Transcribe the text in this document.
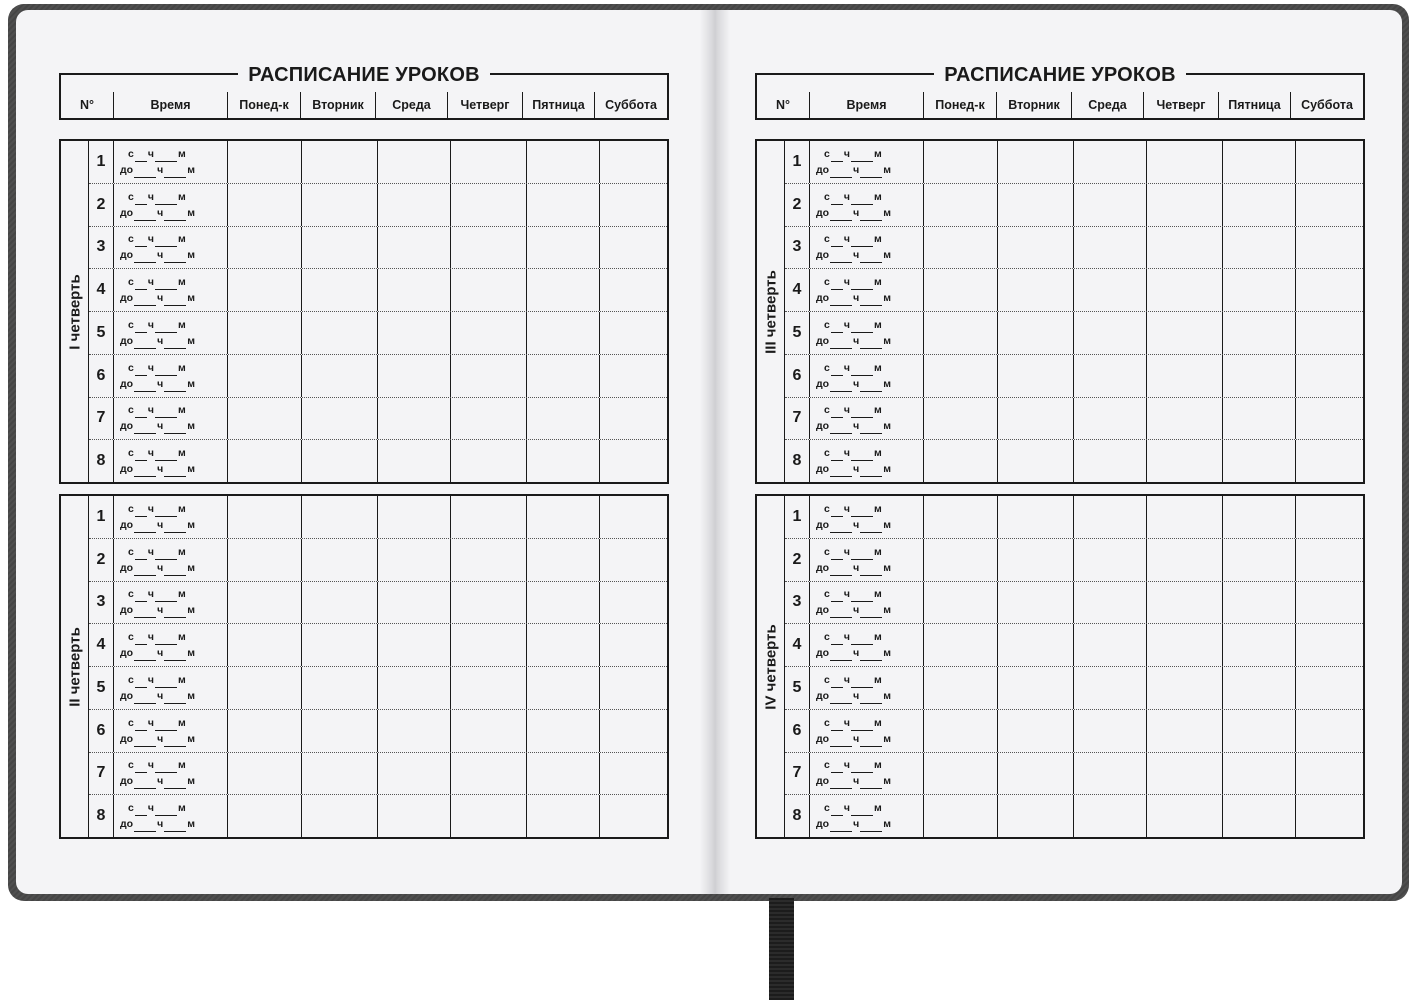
РАСПИСАНИЕ УРОКОВ
N°	Время	Понед-к	Вторник	Среда	Четверг	Пятница	Суббота
I четверть
1	с ч м
до ч м
2	с ч м
до ч м
3	с ч м
до ч м
4	с ч м
до ч м
5	с ч м
до ч м
6	с ч м
до ч м
7	с ч м
до ч м
8	с ч м
до ч м
II четверть
1	с ч м
до ч м
2	с ч м
до ч м
3	с ч м
до ч м
4	с ч м
до ч м
5	с ч м
до ч м
6	с ч м
до ч м
7	с ч м
до ч м
8	с ч м
до ч м
РАСПИСАНИЕ УРОКОВ
N°	Время	Понед-к	Вторник	Среда	Четверг	Пятница	Суббота
III четверть
1	с ч м
до ч м
2	с ч м
до ч м
3	с ч м
до ч м
4	с ч м
до ч м
5	с ч м
до ч м
6	с ч м
до ч м
7	с ч м
до ч м
8	с ч м
до ч м
IV четверть
1	с ч м
до ч м
2	с ч м
до ч м
3	с ч м
до ч м
4	с ч м
до ч м
5	с ч м
до ч м
6	с ч м
до ч м
7	с ч м
до ч м
8	с ч м
до ч м
